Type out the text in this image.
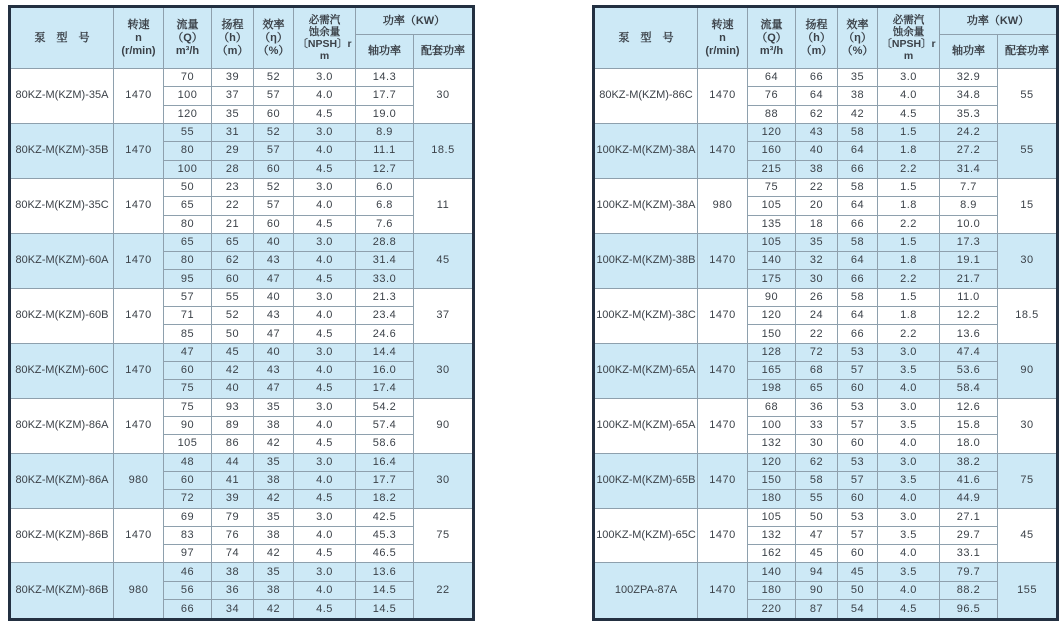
泵　型　号	转速
n
(r/min)	流量
（Q）
m³/h	扬程
（h）
（m）	效率
（η）
（%）	必需汽
蚀余量
〔NPSH〕r
m	功率（KW）	
						轴功率	配套功率
80KZ-M(KZM)-35A	1470	70	39	52	3.0	14.3	30
		100	37	57	4.0	17.7	
		120	35	60	4.5	19.0	
80KZ-M(KZM)-35B	1470	55	31	52	3.0	8.9	18.5
		80	29	57	4.0	11.1	
		100	28	60	4.5	12.7	
80KZ-M(KZM)-35C	1470	50	23	52	3.0	6.0	11
		65	22	57	4.0	6.8	
		80	21	60	4.5	7.6	
80KZ-M(KZM)-60A	1470	65	65	40	3.0	28.8	45
		80	62	43	4.0	31.4	
		95	60	47	4.5	33.0	
80KZ-M(KZM)-60B	1470	57	55	40	3.0	21.3	37
		71	52	43	4.0	23.4	
		85	50	47	4.5	24.6	
80KZ-M(KZM)-60C	1470	47	45	40	3.0	14.4	30
		60	42	43	4.0	16.0	
		75	40	47	4.5	17.4	
80KZ-M(KZM)-86A	1470	75	93	35	3.0	54.2	90
		90	89	38	4.0	57.4	
		105	86	42	4.5	58.6	
80KZ-M(KZM)-86A	980	48	44	35	3.0	16.4	30
		60	41	38	4.0	17.7	
		72	39	42	4.5	18.2	
80KZ-M(KZM)-86B	1470	69	79	35	3.0	42.5	75
		83	76	38	4.0	45.3	
		97	74	42	4.5	46.5	
80KZ-M(KZM)-86B	980	46	38	35	3.0	13.6	22
		56	36	38	4.0	14.5	
		66	34	42	4.5	14.5	
泵　型　号	转速
n
(r/min)	流量
（Q）
m³/h	扬程
（h）
（m）	效率
（η）
（%）	必需汽
蚀余量
〔NPSH〕r
m	功率（KW）	
						轴功率	配套功率
80KZ-M(KZM)-86C	1470	64	66	35	3.0	32.9	55
		76	64	38	4.0	34.8	
		88	62	42	4.5	35.3	
100KZ-M(KZM)-38A	1470	120	43	58	1.5	24.2	55
		160	40	64	1.8	27.2	
		215	38	66	2.2	31.4	
100KZ-M(KZM)-38A	980	75	22	58	1.5	7.7	15
		105	20	64	1.8	8.9	
		135	18	66	2.2	10.0	
100KZ-M(KZM)-38B	1470	105	35	58	1.5	17.3	30
		140	32	64	1.8	19.1	
		175	30	66	2.2	21.7	
100KZ-M(KZM)-38C	1470	90	26	58	1.5	11.0	18.5
		120	24	64	1.8	12.2	
		150	22	66	2.2	13.6	
100KZ-M(KZM)-65A	1470	128	72	53	3.0	47.4	90
		165	68	57	3.5	53.6	
		198	65	60	4.0	58.4	
100KZ-M(KZM)-65A	1470	68	36	53	3.0	12.6	30
		100	33	57	3.5	15.8	
		132	30	60	4.0	18.0	
100KZ-M(KZM)-65B	1470	120	62	53	3.0	38.2	75
		150	58	57	3.5	41.6	
		180	55	60	4.0	44.9	
100KZ-M(KZM)-65C	1470	105	50	53	3.0	27.1	45
		132	47	57	3.5	29.7	
		162	45	60	4.0	33.1	
100ZPA-87A	1470	140	94	45	3.5	79.7	155
		180	90	50	4.0	88.2	
		220	87	54	4.5	96.5	
